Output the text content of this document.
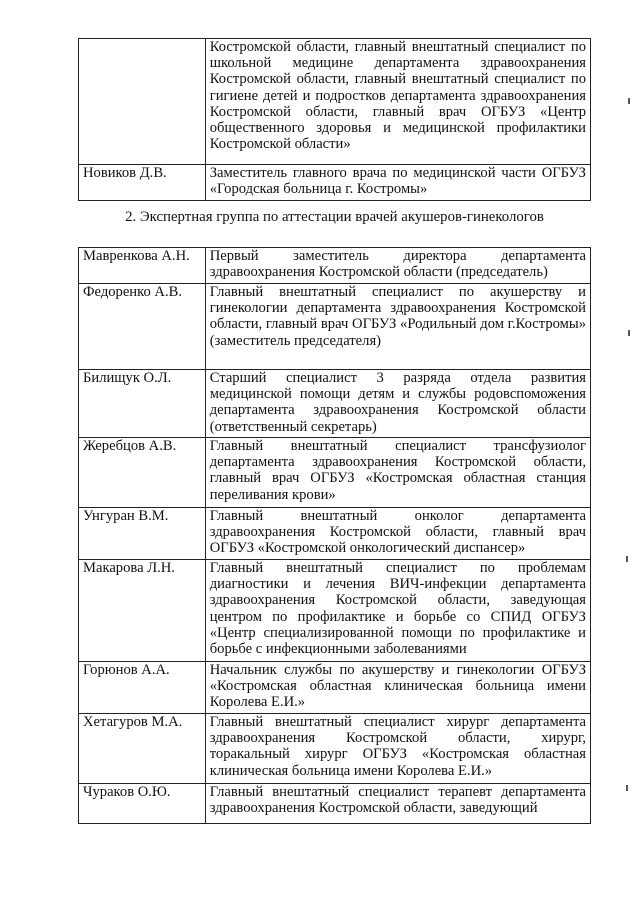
	Костромской области, главный внештатный специалист по школьной медицине департамента здравоохранения Костромской области, главный внештатный специалист по гигиене детей и подростков департамента здравоохранения Костромской области, главный врач ОГБУЗ «Центр общественного здоровья и медицинской профилактики Костромской области»
Новиков Д.В.	Заместитель главного врача по медицинской части ОГБУЗ «Городская больница г. Костромы»
2. Экспертная группа по аттестации врачей акушеров-гинекологов
Мавренкова А.Н.	Первый заместитель директора департамента здравоохранения Костромской области (председатель)
Федоренко А.В.	Главный внештатный специалист по акушерству и гинекологии департамента здравоохранения Костромской области, главный врач ОГБУЗ «Родильный дом г.Костромы» (заместитель председателя)
Билищук О.Л.	Старший специалист 3 разряда отдела развития медицинской помощи детям и службы родовспоможения департамента здравоохранения Костромской области (ответственный секретарь)
Жеребцов А.В.	Главный внештатный специалист трансфузиолог департамента здравоохранения Костромской области, главный врач ОГБУЗ «Костромская областная станция переливания крови»
Унгуран В.М.	Главный внештатный онколог департамента здравоохранения Костромской области, главный врач ОГБУЗ «Костромской онкологический диспансер»
Макарова Л.Н.	Главный внештатный специалист по проблемам диагностики и лечения ВИЧ-инфекции департамента здравоохранения Костромской области, заведующая центром по профилактике и борьбе со СПИД ОГБУЗ «Центр специализированной помощи по профилактике и борьбе с инфекционными заболеваниями
Горюнов А.А.	Начальник службы по акушерству и гинекологии ОГБУЗ «Костромская областная клиническая больница имени Королева Е.И.»
Хетагуров М.А.	Главный внештатный специалист хирург департамента здравоохранения Костромской области, хирург, торакальный хирург ОГБУЗ «Костромская областная клиническая больница имени Королева Е.И.»
Чураков О.Ю.	Главный внештатный специалист терапевт департамента здравоохранения Костромской области, заведующий
